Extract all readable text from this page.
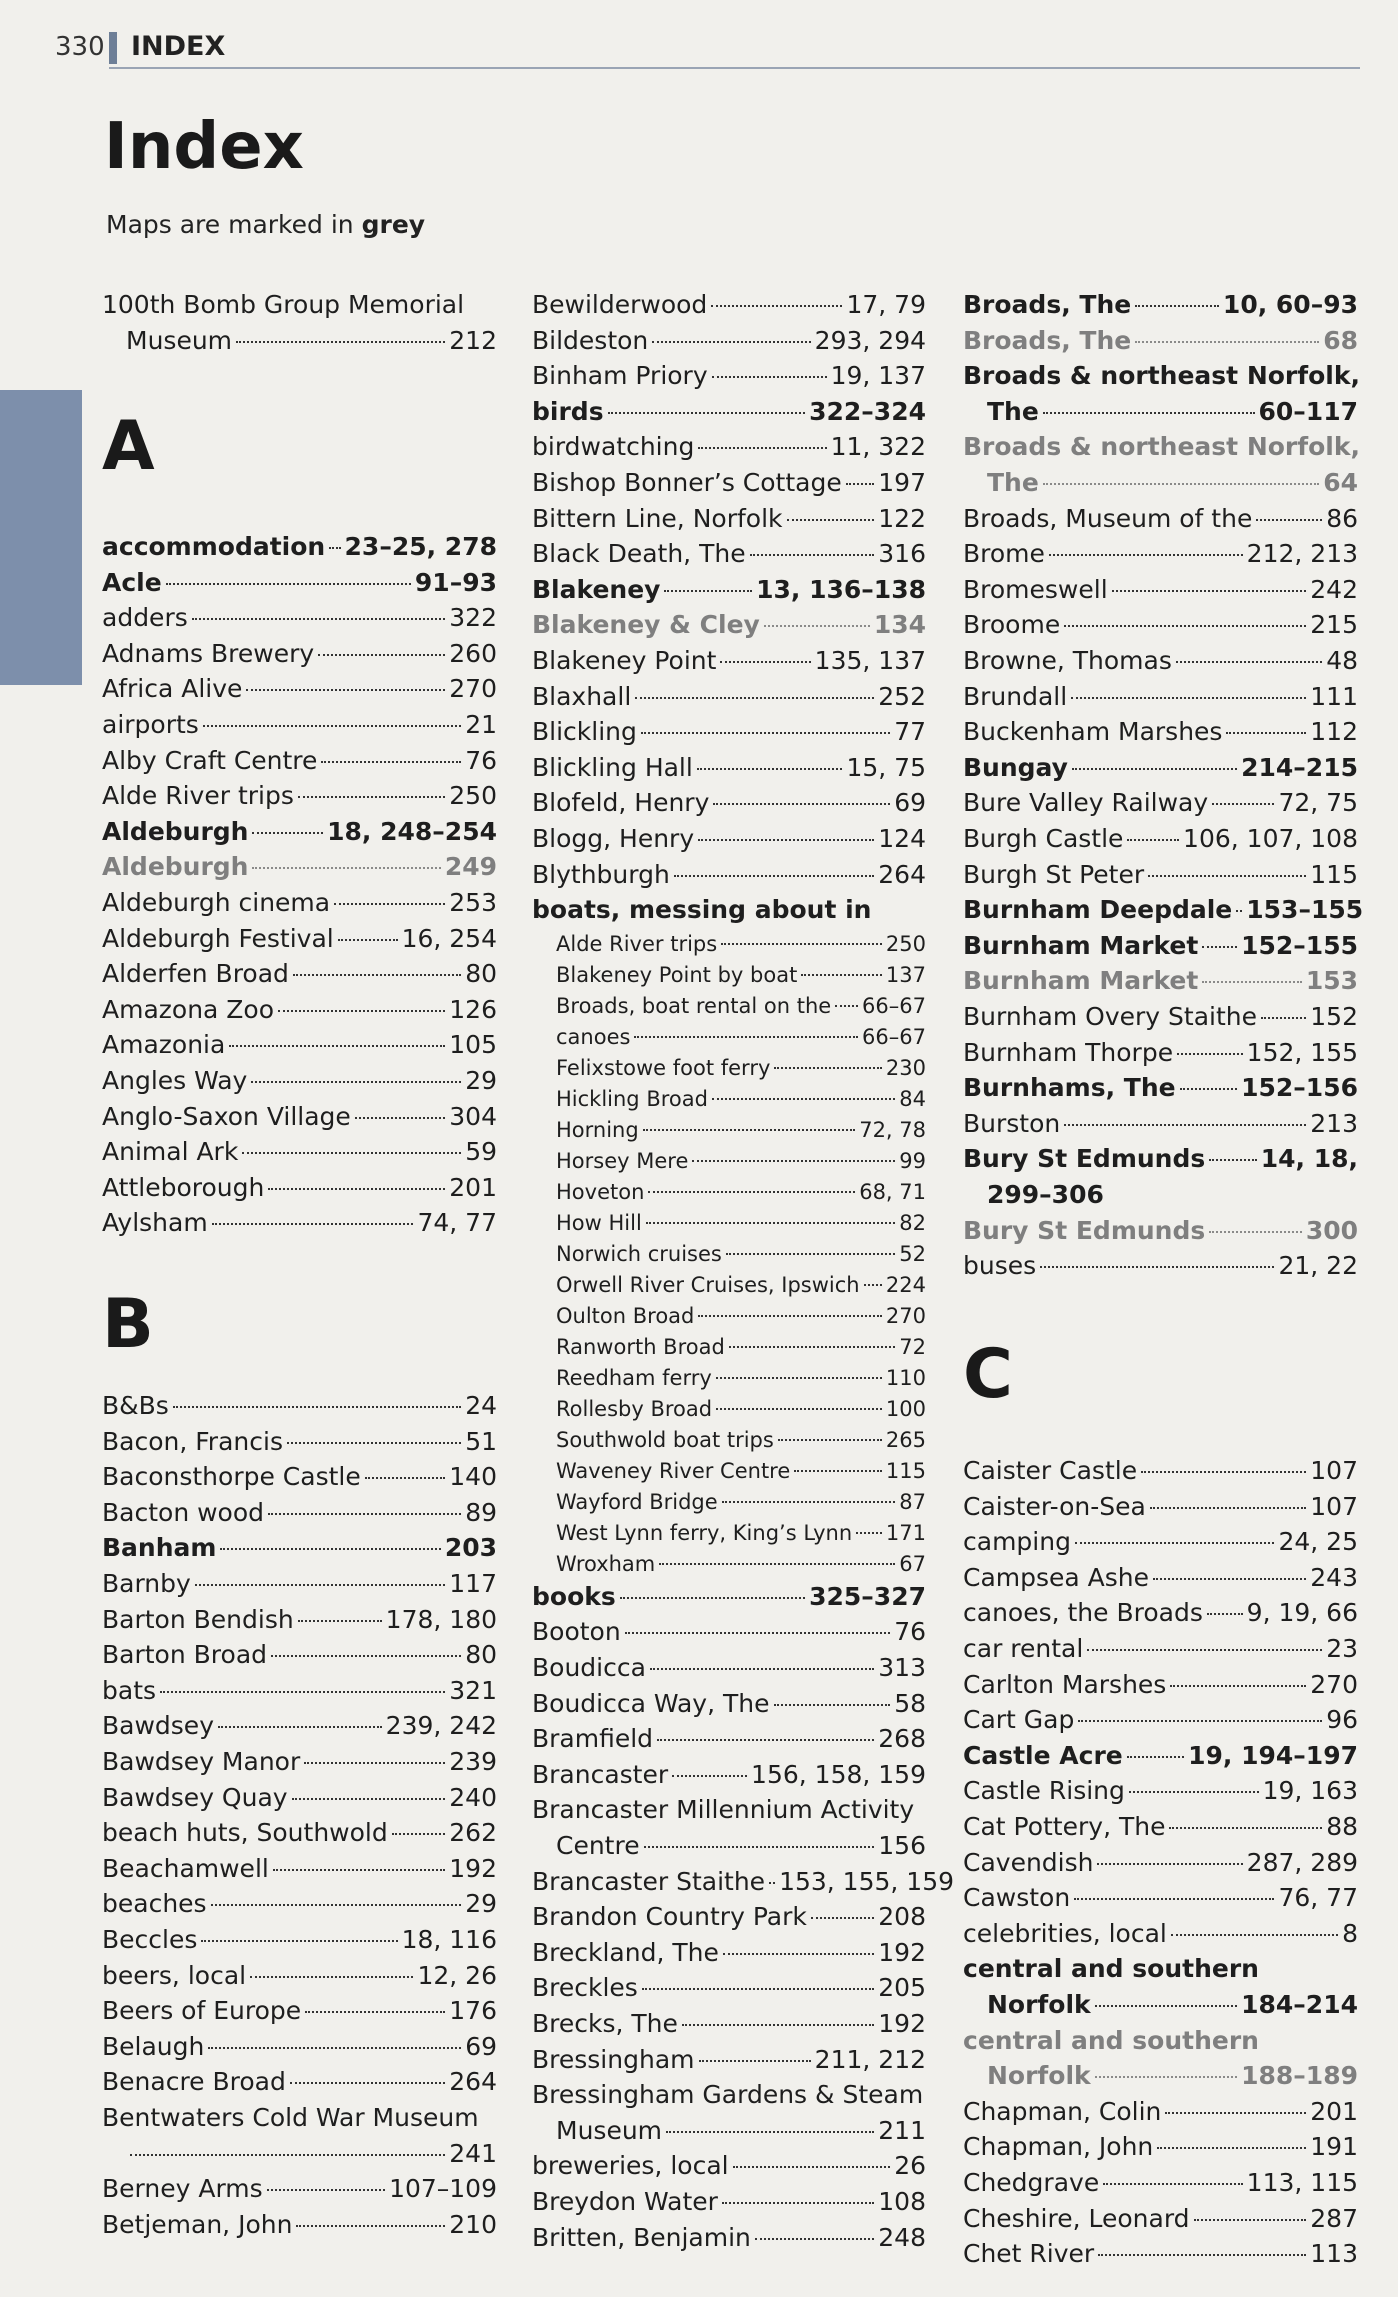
330 INDEX
Index
Maps are marked in grey
100th Bomb Group Memorial
Museum	212
A
accommodation 23–25, 278
Acle	91–93
adders	322
Adnams Brewery	260
Africa Alive	270
airports	21
Alby Craft Centre	76
Alde River trips	250
Aldeburgh	18, 248–254
Aldeburgh	249
Aldeburgh cinema	253
Aldeburgh Festival	16, 254
Alderfen Broad	80
Amazona Zoo	126
Amazonia	105
Angles Way	29
Anglo-Saxon Village	304
Animal Ark	59
Attleborough	201
Aylsham	74, 77
B
B&Bs	24
Bacon, Francis	51
Baconsthorpe Castle	140
Bacton wood	89
Banham	203
Barnby	117
Barton Bendish	178, 180
Barton Broad	80
bats	321
Bawdsey	239, 242
Bawdsey Manor	239
Bawdsey Quay	240
beach huts, Southwold 262
Beachamwell	192
beaches	29
Beccles	18, 116
beers, local	12, 26
Beers of Europe	176
Belaugh	69
Benacre Broad	264
Bentwaters Cold War Museum
241
Berney Arms	107–109
Betjeman, John	210
Bewilderwood	17, 79
Bildeston	293, 294
Binham Priory	19, 137
birds	322–324
birdwatching	11, 322
Bishop Bonner’s Cottage 197
Bittern Line, Norfolk	122
Black Death, The	316
Blakeney	13, 136–138
Blakeney & Cley	134
Blakeney Point	135, 137
Blaxhall	252
Blickling	77
Blickling Hall	15, 75
Blofeld, Henry	69
Blogg, Henry	124
Blythburgh	264
boats, messing about in
Alde River trips	250
Blakeney Point by boat	137
Broads, boat rental on the 66–67
canoes	66–67
Felixstowe foot ferry	230
Hickling Broad	84
Horning	72, 78
Horsey Mere	99
Hoveton	68, 71
How Hill	82
Norwich cruises	52
Orwell River Cruises, Ipswich 224
Oulton Broad	270
Ranworth Broad	72
Reedham ferry	110
Rollesby Broad	100
Southwold boat trips	265
Waveney River Centre	115
Wayford Bridge	87
West Lynn ferry, King’s Lynn 171
Wroxham	67
books	325–327
Booton	76
Boudicca	313
Boudicca Way, The	58
Bramfield	268
Brancaster	156, 158, 159
Brancaster Millennium Activity
Centre	156
Brancaster Staithe 153, 155, 159
Brandon Country Park	208
Breckland, The	192
Breckles	205
Brecks, The	192
Bressingham	211, 212
Bressingham Gardens & Steam
Museum	211
breweries, local	26
Breydon Water	108
Britten, Benjamin	248
Broads, The	10, 60–93
Broads, The	68
Broads & northeast Norfolk,
The	60–117
Broads & northeast Norfolk,
The	64
Broads, Museum of the	86
Brome	212, 213
Bromeswell	242
Broome	215
Browne, Thomas	48
Brundall	111
Buckenham Marshes	112
Bungay	214–215
Bure Valley Railway	72, 75
Burgh Castle 106, 107, 108
Burgh St Peter	115
Burnham Deepdale 153–155
Burnham Market 152–155
Burnham Market	153
Burnham Overy Staithe 152
Burnham Thorpe	152, 155
Burnhams, The	152–156
Burston	213
Bury St Edmunds 14, 18,
299–306
Bury St Edmunds	300
buses	21, 22
C
Caister Castle	107
Caister-on-Sea	107
camping	24, 25
Campsea Ashe	243
canoes, the Broads 9, 19, 66
car rental	23
Carlton Marshes	270
Cart Gap	96
Castle Acre	19, 194–197
Castle Rising	19, 163
Cat Pottery, The	88
Cavendish	287, 289
Cawston	76, 77
celebrities, local	8
central and southern
Norfolk	184–214
central and southern
Norfolk	188–189
Chapman, Colin	201
Chapman, John	191
Chedgrave	113, 115
Cheshire, Leonard	287
Chet River	113
